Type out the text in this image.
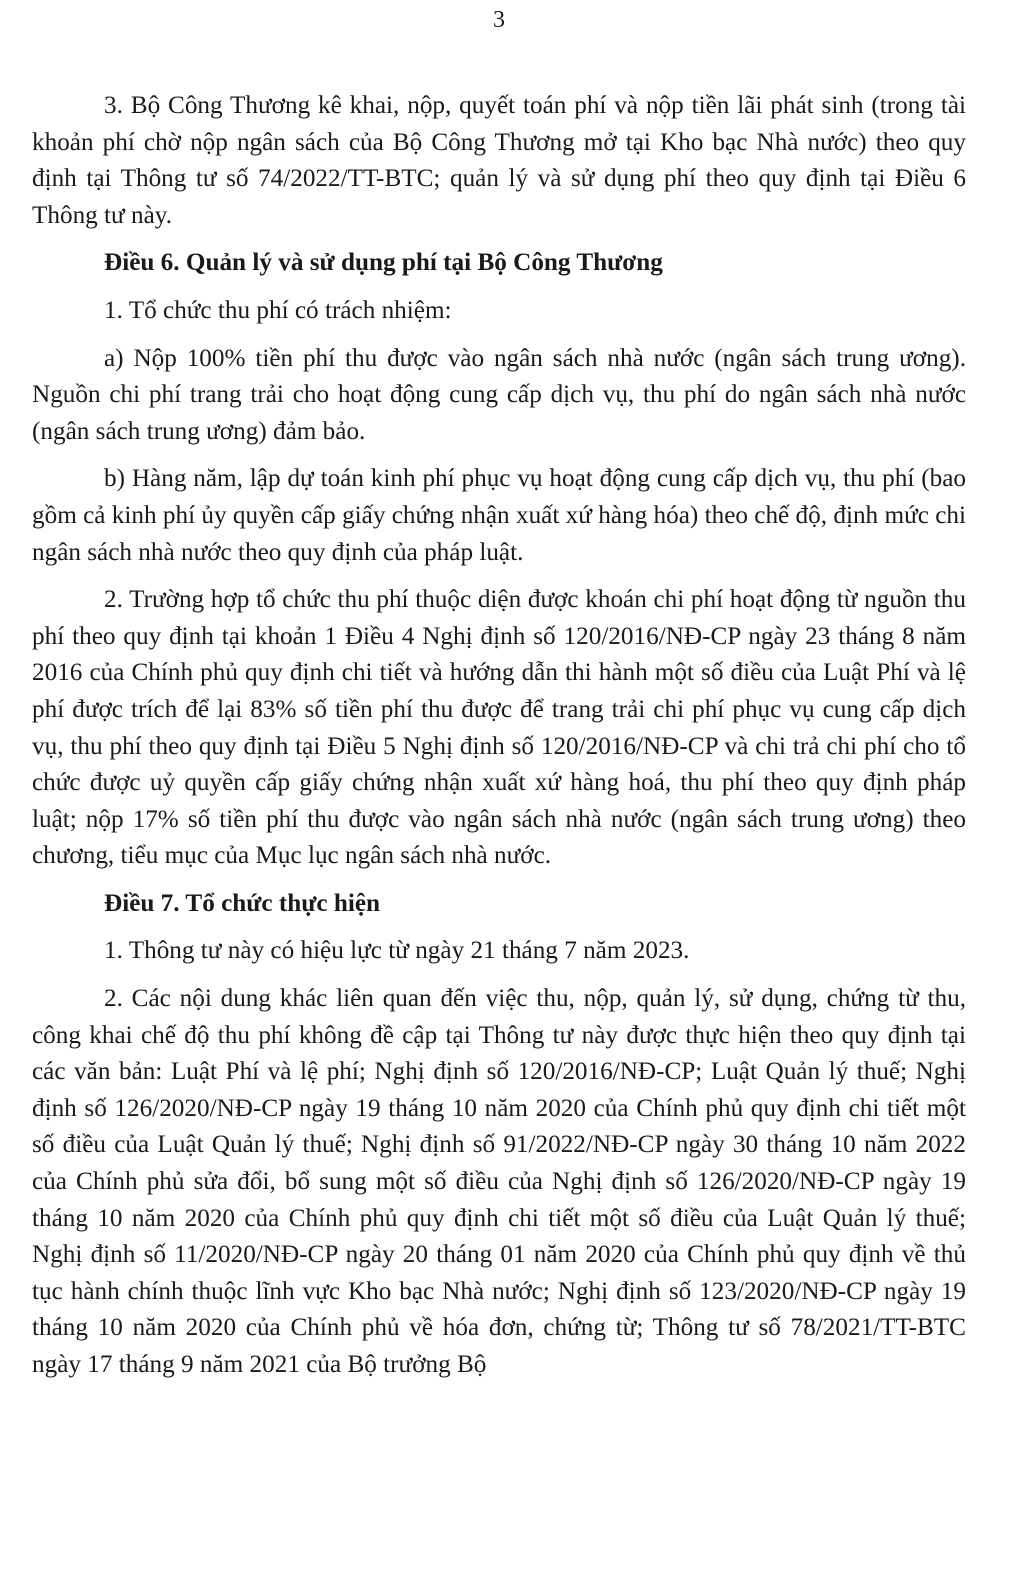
3

3. Bộ Công Thương kê khai, nộp, quyết toán phí và nộp tiền lãi phát sinh (trong tài khoản phí chờ nộp ngân sách của Bộ Công Thương mở tại Kho bạc Nhà nước) theo quy định tại Thông tư số 74/2022/TT-BTC; quản lý và sử dụng phí theo quy định tại Điều 6 Thông tư này.

Điều 6. Quản lý và sử dụng phí tại Bộ Công Thương

1. Tổ chức thu phí có trách nhiệm:

a) Nộp 100% tiền phí thu được vào ngân sách nhà nước (ngân sách trung ương). Nguồn chi phí trang trải cho hoạt động cung cấp dịch vụ, thu phí do ngân sách nhà nước (ngân sách trung ương) đảm bảo.

b) Hàng năm, lập dự toán kinh phí phục vụ hoạt động cung cấp dịch vụ, thu phí (bao gồm cả kinh phí ủy quyền cấp giấy chứng nhận xuất xứ hàng hóa) theo chế độ, định mức chi ngân sách nhà nước theo quy định của pháp luật.

2. Trường hợp tổ chức thu phí thuộc diện được khoán chi phí hoạt động từ nguồn thu phí theo quy định tại khoản 1 Điều 4 Nghị định số 120/2016/NĐ-CP ngày 23 tháng 8 năm 2016 của Chính phủ quy định chi tiết và hướng dẫn thi hành một số điều của Luật Phí và lệ phí được trích để lại 83% số tiền phí thu được để trang trải chi phí phục vụ cung cấp dịch vụ, thu phí theo quy định tại Điều 5 Nghị định số 120/2016/NĐ-CP và chi trả chi phí cho tổ chức được uỷ quyền cấp giấy chứng nhận xuất xứ hàng hoá, thu phí theo quy định pháp luật; nộp 17% số tiền phí thu được vào ngân sách nhà nước (ngân sách trung ương) theo chương, tiểu mục của Mục lục ngân sách nhà nước.

Điều 7. Tổ chức thực hiện

1. Thông tư này có hiệu lực từ ngày 21 tháng 7 năm 2023.

2. Các nội dung khác liên quan đến việc thu, nộp, quản lý, sử dụng, chứng từ thu, công khai chế độ thu phí không đề cập tại Thông tư này được thực hiện theo quy định tại các văn bản: Luật Phí và lệ phí; Nghị định số 120/2016/NĐ-CP; Luật Quản lý thuế; Nghị định số 126/2020/NĐ-CP ngày 19 tháng 10 năm 2020 của Chính phủ quy định chi tiết một số điều của Luật Quản lý thuế; Nghị định số 91/2022/NĐ-CP ngày 30 tháng 10 năm 2022 của Chính phủ sửa đổi, bổ sung một số điều của Nghị định số 126/2020/NĐ-CP ngày 19 tháng 10 năm 2020 của Chính phủ quy định chi tiết một số điều của Luật Quản lý thuế; Nghị định số 11/2020/NĐ-CP ngày 20 tháng 01 năm 2020 của Chính phủ quy định về thủ tục hành chính thuộc lĩnh vực Kho bạc Nhà nước; Nghị định số 123/2020/NĐ-CP ngày 19 tháng 10 năm 2020 của Chính phủ về hóa đơn, chứng từ; Thông tư số 78/2021/TT-BTC ngày 17 tháng 9 năm 2021 của Bộ trưởng Bộ
